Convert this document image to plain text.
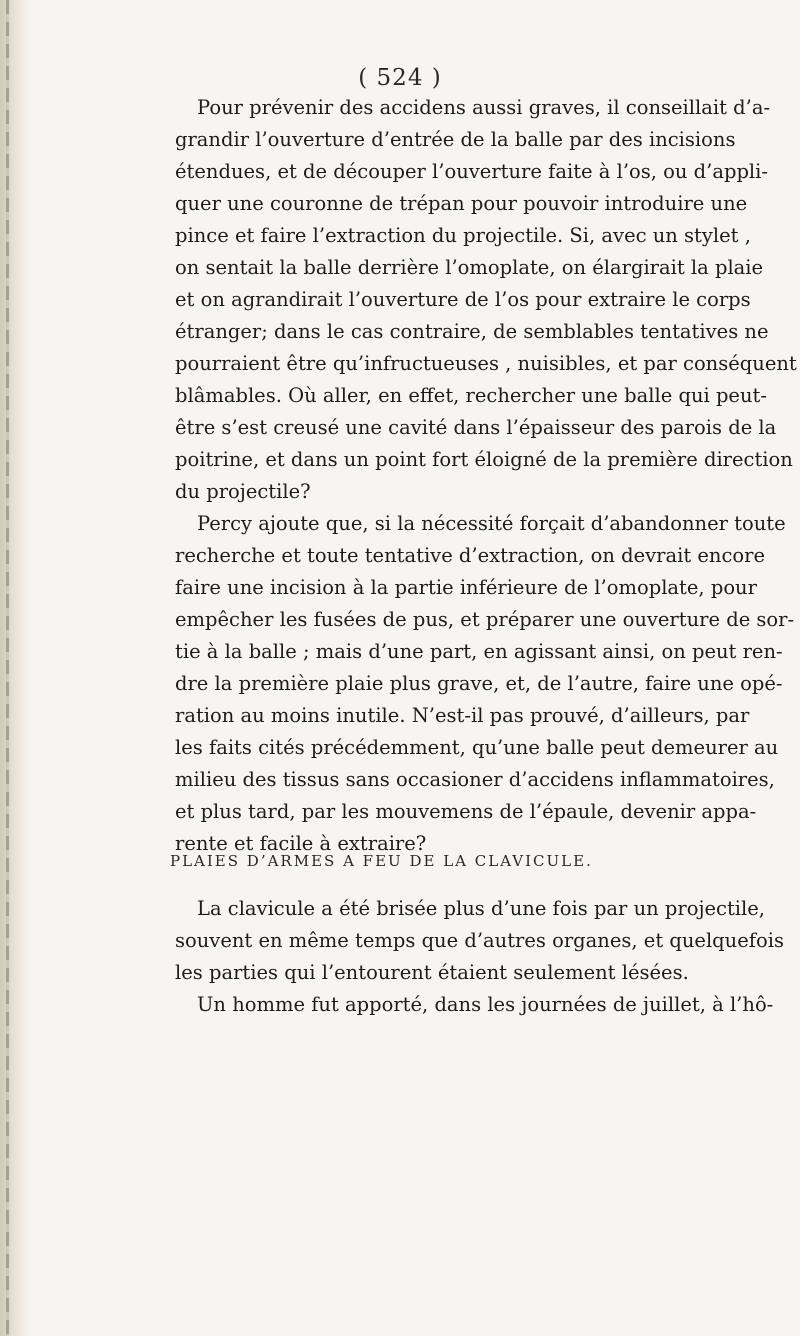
( 524 )
Pour prévenir des accidens aussi graves, il conseillait d’a-
grandir l’ouverture d’entrée de la balle par des incisions
étendues, et de découper l’ouverture faite à l’os, ou d’appli-
quer une couronne de trépan pour pouvoir introduire une
pince et faire l’extraction du projectile. Si, avec un stylet ,
on sentait la balle derrière l’omoplate, on élargirait la plaie
et on agrandirait l’ouverture de l’os pour extraire le corps
étranger; dans le cas contraire, de semblables tentatives ne
pourraient être qu’infructueuses , nuisibles, et par conséquent
blâmables. Où aller, en effet, rechercher une balle qui peut-
être s’est creusé une cavité dans l’épaisseur des parois de la
poitrine, et dans un point fort éloigné de la première direction
du projectile?
Percy ajoute que, si la nécessité forçait d’abandonner toute
recherche et toute tentative d’extraction, on devrait encore
faire une incision à la partie inférieure de l’omoplate, pour
empêcher les fusées de pus, et préparer une ouverture de sor-
tie à la balle ; mais d’une part, en agissant ainsi, on peut ren-
dre la première plaie plus grave, et, de l’autre, faire une opé-
ration au moins inutile. N’est-il pas prouvé, d’ailleurs, par
les faits cités précédemment, qu’une balle peut demeurer au
milieu des tissus sans occasioner d’accidens inflammatoires,
et plus tard, par les mouvemens de l’épaule, devenir appa-
rente et facile à extraire?
PLAIES D’ARMES A FEU DE LA CLAVICULE.
La clavicule a été brisée plus d’une fois par un projectile,
souvent en même temps que d’autres organes, et quelquefois
les parties qui l’entourent étaient seulement lésées.
Un homme fut apporté, dans les journées de juillet, à l’hô-
